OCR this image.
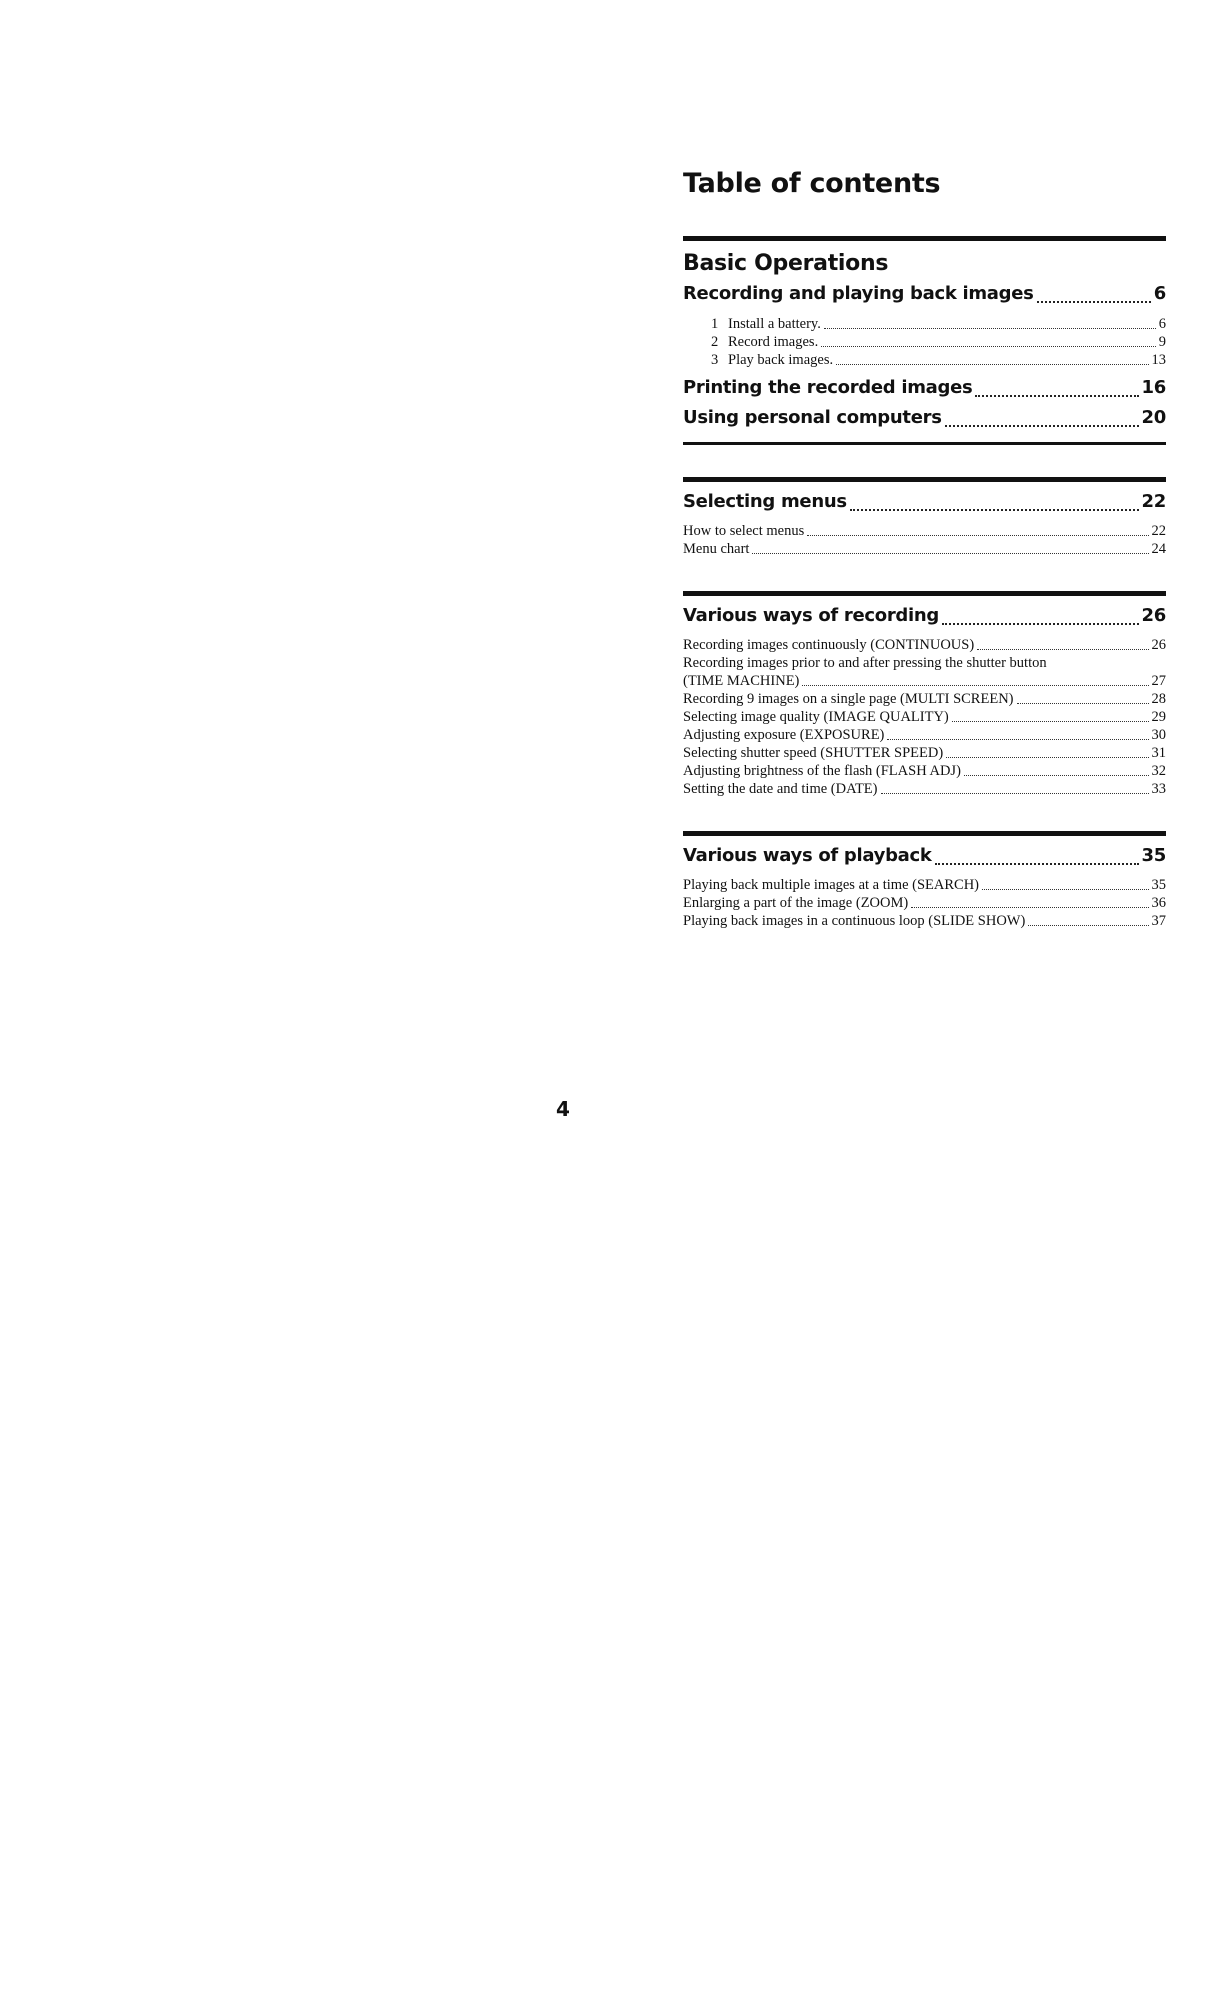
Table of contents
Basic Operations
Recording and playing back images	6
1 Install a battery.	6
2 Record images.	9
3 Play back images.	13
Printing the recorded images	16
Using personal computers	20
Selecting menus	22
How to select menus	22
Menu chart	24
Various ways of recording	26
Recording images continuously (CONTINUOUS)	26
Recording images prior to and after pressing the shutter button
(TIME MACHINE)	27
Recording 9 images on a single page (MULTI SCREEN)	28
Selecting image quality (IMAGE QUALITY)	29
Adjusting exposure (EXPOSURE)	30
Selecting shutter speed (SHUTTER SPEED)	31
Adjusting brightness of the flash (FLASH ADJ)	32
Setting the date and time (DATE)	33
Various ways of playback	35
Playing back multiple images at a time (SEARCH)	35
Enlarging a part of the image (ZOOM)	36
Playing back images in a continuous loop (SLIDE SHOW)	37
4
